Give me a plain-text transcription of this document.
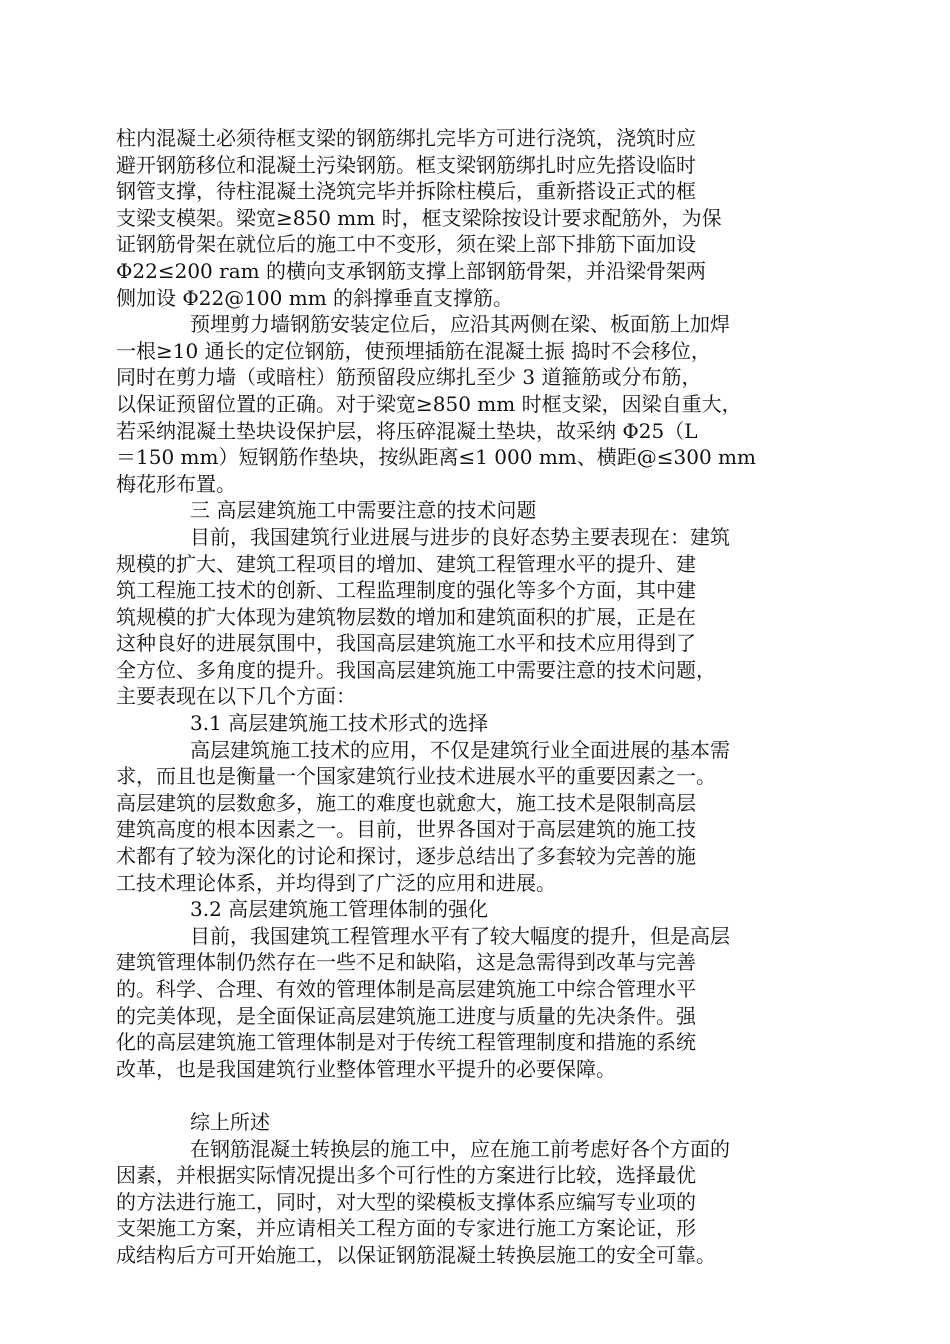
柱内混凝土必须待框支梁的钢筋绑扎完毕方可进行浇筑，浇筑时应
避开钢筋移位和混凝土污染钢筋。框支梁钢筋绑扎时应先搭设临时
钢管支撑，待柱混凝土浇筑完毕并拆除柱模后，重新搭设正式的框
支梁支模架。梁宽≥850 mm 时，框支梁除按设计要求配筋外，为保
证钢筋骨架在就位后的施工中不变形，须在梁上部下排筋下面加设
Φ22≤200 ram 的横向支承钢筋支撑上部钢筋骨架，并沿梁骨架两
侧加设 Φ22@100 mm 的斜撑垂直支撑筋。
预埋剪力墙钢筋安装定位后，应沿其两侧在梁、板面筋上加焊
一根≥10 通长的定位钢筋，使预埋插筋在混凝土振 捣时不会移位，
同时在剪力墙（或暗柱）筋预留段应绑扎至少 3 道箍筋或分布筋，
以保证预留位置的正确。对于梁宽≥850 mm 时框支梁，因梁自重大，
若采纳混凝土垫块设保护层，将压碎混凝土垫块，故采纳 Φ25（L
＝150 mm）短钢筋作垫块，按纵距离≤1 000 mm、横距@≤300 mm
梅花形布置。
三 高层建筑施工中需要注意的技术问题
目前，我国建筑行业进展与进步的良好态势主要表现在：建筑
规模的扩大、建筑工程项目的增加、建筑工程管理水平的提升、建
筑工程施工技术的创新、工程监理制度的强化等多个方面，其中建
筑规模的扩大体现为建筑物层数的增加和建筑面积的扩展，正是在
这种良好的进展氛围中，我国高层建筑施工水平和技术应用得到了
全方位、多角度的提升。我国高层建筑施工中需要注意的技术问题，
主要表现在以下几个方面：
3.1 高层建筑施工技术形式的选择
高层建筑施工技术的应用，不仅是建筑行业全面进展的基本需
求，而且也是衡量一个国家建筑行业技术进展水平的重要因素之一。
高层建筑的层数愈多，施工的难度也就愈大，施工技术是限制高层
建筑高度的根本因素之一。目前，世界各国对于高层建筑的施工技
术都有了较为深化的讨论和探讨，逐步总结出了多套较为完善的施
工技术理论体系，并均得到了广泛的应用和进展。
3.2 高层建筑施工管理体制的强化
目前，我国建筑工程管理水平有了较大幅度的提升，但是高层
建筑管理体制仍然存在一些不足和缺陷，这是急需得到改革与完善
的。科学、合理、有效的管理体制是高层建筑施工中综合管理水平
的完美体现，是全面保证高层建筑施工进度与质量的先决条件。强
化的高层建筑施工管理体制是对于传统工程管理制度和措施的系统
改革，也是我国建筑行业整体管理水平提升的必要保障。
综上所述
在钢筋混凝土转换层的施工中，应在施工前考虑好各个方面的
因素，并根据实际情况提出多个可行性的方案进行比较，选择最优
的方法进行施工，同时，对大型的梁模板支撑体系应编写专业项的
支架施工方案，并应请相关工程方面的专家进行施工方案论证，形
成结构后方可开始施工，以保证钢筋混凝土转换层施工的安全可靠。
